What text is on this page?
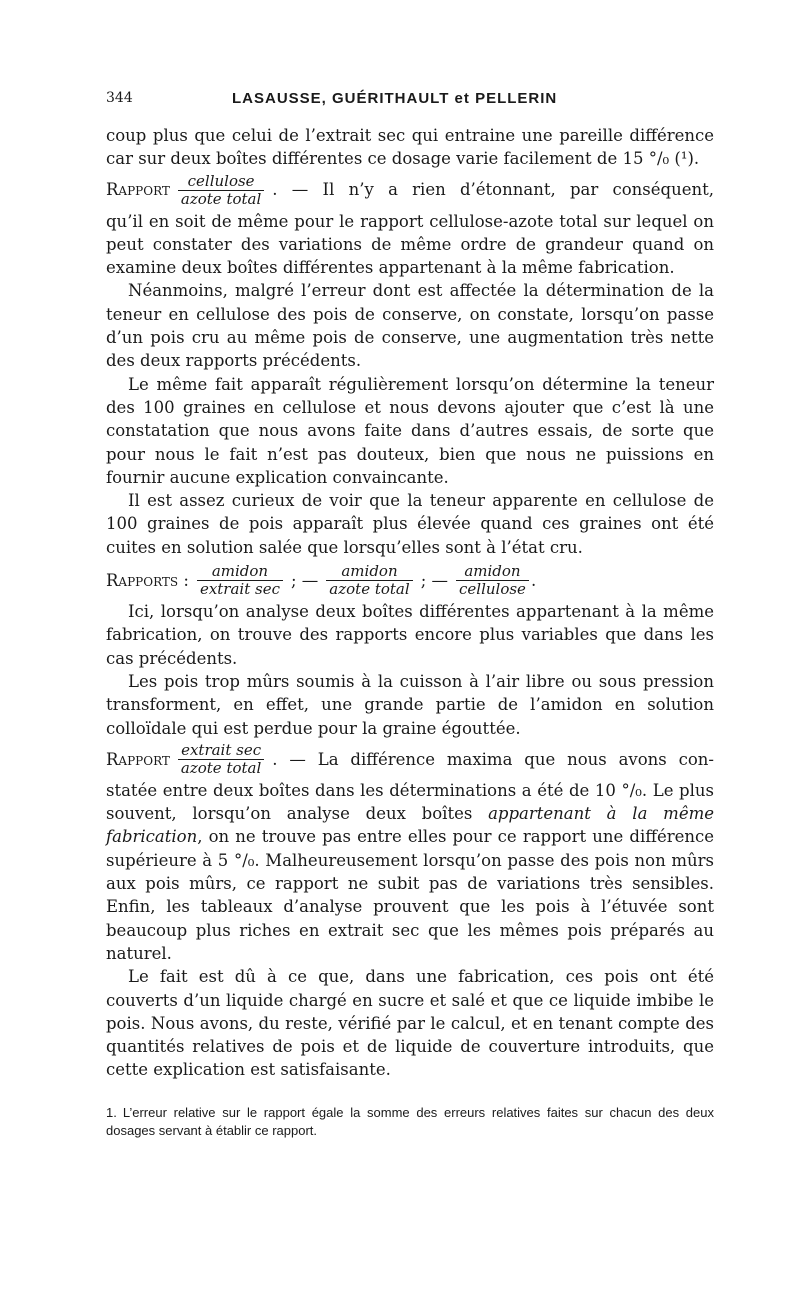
344	LASAUSSE, GUÉRITHAULT et PELLERIN

coup plus que celui de l’extrait sec qui entraine une pareille différence car sur deux boîtes différentes ce dosage varie facilement de 15 °/₀ (¹).

Rapport $\frac{\text{cellulose}}{\text{azote total}}$ . — Il n’y a rien d’étonnant, par conséquent,

qu’il en soit de même pour le rapport cellulose-azote total sur lequel on peut constater des variations de même ordre de grandeur quand on examine deux boîtes différentes appartenant à la même fabrication.

Néanmoins, malgré l’erreur dont est affectée la détermination de la teneur en cellulose des pois de conserve, on constate, lorsqu’on passe d’un pois cru au même pois de conserve, une augmentation très nette des deux rapports précédents.

Le même fait apparaît régulièrement lorsqu’on détermine la teneur des 100 graines en cellulose et nous devons ajouter que c’est là une constatation que nous avons faite dans d’autres essais, de sorte que pour nous le fait n’est pas douteux, bien que nous ne puissions en fournir aucune explication convaincante.

Il est assez curieux de voir que la teneur apparente en cellulose de 100 graines de pois apparaît plus élevée quand ces graines ont été cuites en solution salée que lorsqu’elles sont à l’état cru.

Rapports : $\frac{\text{amidon}}{\text{extrait sec}}$ ; — $\frac{\text{amidon}}{\text{azote total}}$ ; — $\frac{\text{amidon}}{\text{cellulose}}$ .

Ici, lorsqu’on analyse deux boîtes différentes appartenant à la même fabrication, on trouve des rapports encore plus variables que dans les cas précédents.

Les pois trop mûrs soumis à la cuisson à l’air libre ou sous pression transforment, en effet, une grande partie de l’amidon en solution colloïdale qui est perdue pour la graine égouttée.

Rapport $\frac{\text{extrait sec}}{\text{azote total}}$ . — La différence maxima que nous avons con-

statée entre deux boîtes dans les déterminations a été de 10 °/₀. Le plus souvent, lorsqu’on analyse deux boîtes appartenant à la même fabrication, on ne trouve pas entre elles pour ce rapport une différence supérieure à 5 °/₀. Malheureusement lorsqu’on passe des pois non mûrs aux pois mûrs, ce rapport ne subit pas de variations très sensibles. Enfin, les tableaux d’analyse prouvent que les pois à l’étuvée sont beaucoup plus riches en extrait sec que les mêmes pois préparés au naturel.

Le fait est dû à ce que, dans une fabrication, ces pois ont été couverts d’un liquide chargé en sucre et salé et que ce liquide imbibe le pois. Nous avons, du reste, vérifié par le calcul, et en tenant compte des quantités relatives de pois et de liquide de couverture introduits, que cette explication est satisfaisante.

1. L’erreur relative sur le rapport égale la somme des erreurs relatives faites sur chacun des deux dosages servant à établir ce rapport.
